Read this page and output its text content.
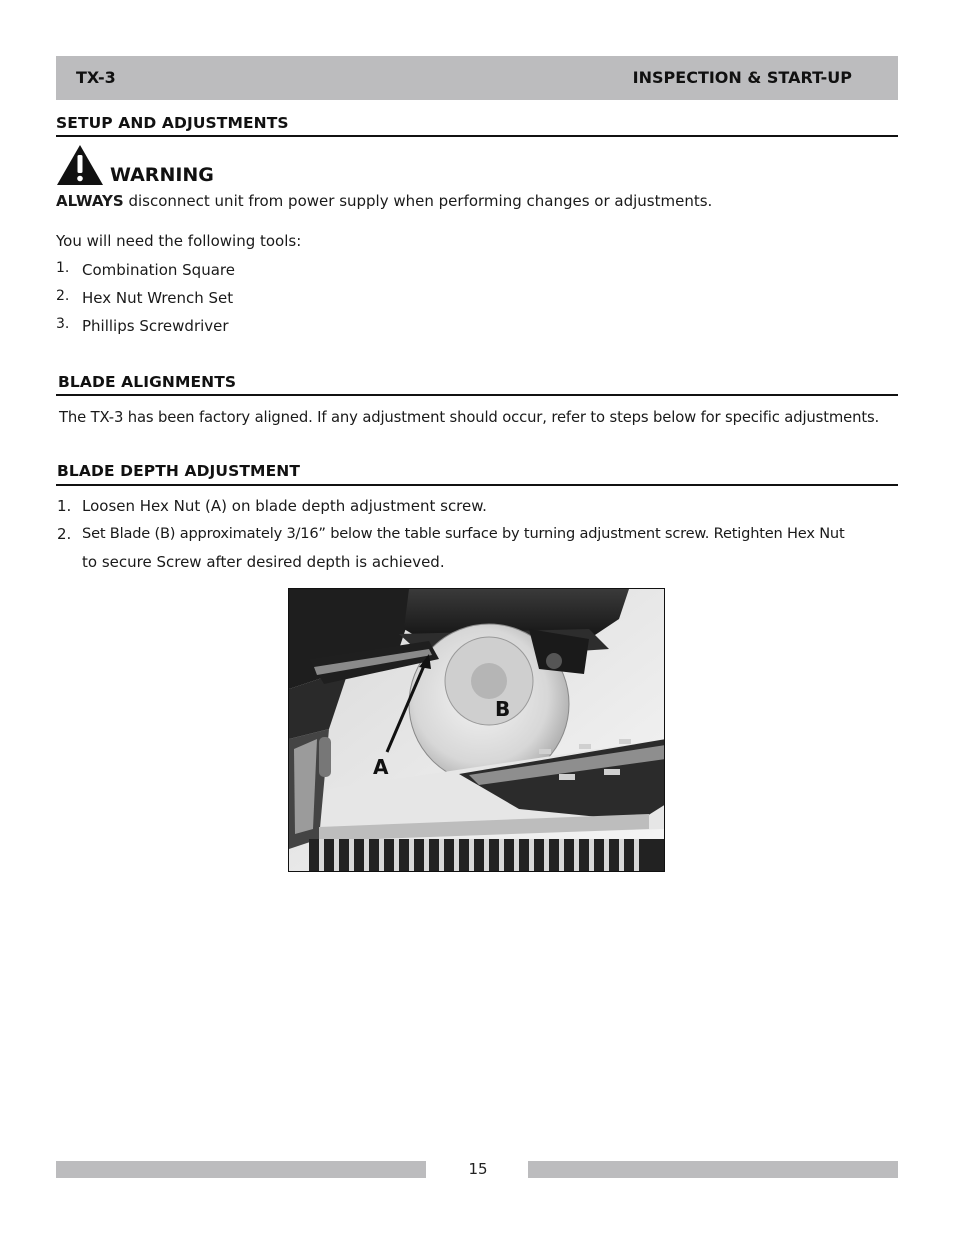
TX-3	INSPECTION & START-UP
SETUP AND ADJUSTMENTS
WARNING
ALWAYS disconnect unit from power supply when performing changes or adjustments.
You will need the following tools:
1. Combination Square
2. Hex Nut Wrench Set
3. Phillips Screwdriver
BLADE ALIGNMENTS
The TX-3 has been factory aligned. If any adjustment should occur, refer to steps below for specific adjustments.
BLADE DEPTH ADJUSTMENT
1. Loosen Hex Nut (A) on blade depth adjustment screw.
2. Set Blade (B) approximately 3/16” below the table surface by turning adjustment screw. Retighten Hex Nut
to secure Screw after desired depth is achieved.
B
A
15
